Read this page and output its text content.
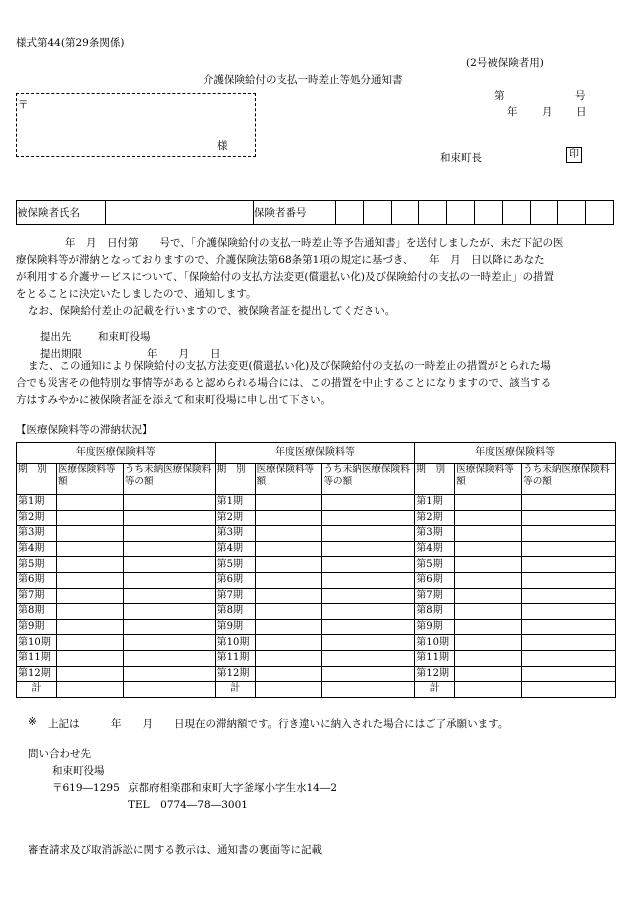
様式第44(第29条関係)
(2号被保険者用)
介護保険給付の支払一時差止等処分通知書
第	号
年 月 日
〒
様
和束町長	印
被保険者氏名		保険者番号										
　　年　月　日付第　　号で、「介護保険給付の支払一時差止等予告通知書」を送付しましたが、未だ下記の医
療保険料等が滞納となっておりますので、介護保険法第68条第1項の規定に基づき、　　年　月　日以降にあなた
が利用する介護サービスについて、「保険給付の支払方法変更(償還払い化)及び保険給付の支払の一時差止」の措置
をとることに決定いたしましたので、通知します。
なお、保険給付差止の記載を行いますので、被保険者証を提出してください。
提出先	和束町役場
提出期限	年　　月　　日
また、この通知により保険給付の支払方法変更(償還払い化)及び保険給付の支払の一時差止の措置がとられた場
合でも災害その他特別な事情等があると認められる場合には、この措置を中止することになりますので、該当する
方はすみやかに被保険者証を添えて和束町役場に申し出て下さい。
【医療保険料等の滞納状況】
年度医療保険料等			年度医療保険料等			年度医療保険料等		
期　別	医療保険料等額	うち未納医療保険料等の額	期　別	医療保険料等額	うち未納医療保険料等の額	期　別	医療保険料等額	うち未納医療保険料等の額
第1期			第1期			第1期		
第2期			第2期			第2期		
第3期			第3期			第3期		
第4期			第4期			第4期		
第5期			第5期			第5期		
第6期			第6期			第6期		
第7期			第7期			第7期		
第8期			第8期			第8期		
第9期			第9期			第9期		
第10期			第10期			第10期		
第11期			第11期			第11期		
第12期			第12期			第12期		
計			計			計		
※ 上記は　　　年　　月　　日現在の滞納額です。行き違いに納入された場合にはご了承願います。
問い合わせ先
和束町役場
〒619―1295 京都府相楽郡和束町大字釜塚小字生水14―2
TEL　0774―78―3001
審査請求及び取消訴訟に関する教示は、通知書の裏面等に記載
